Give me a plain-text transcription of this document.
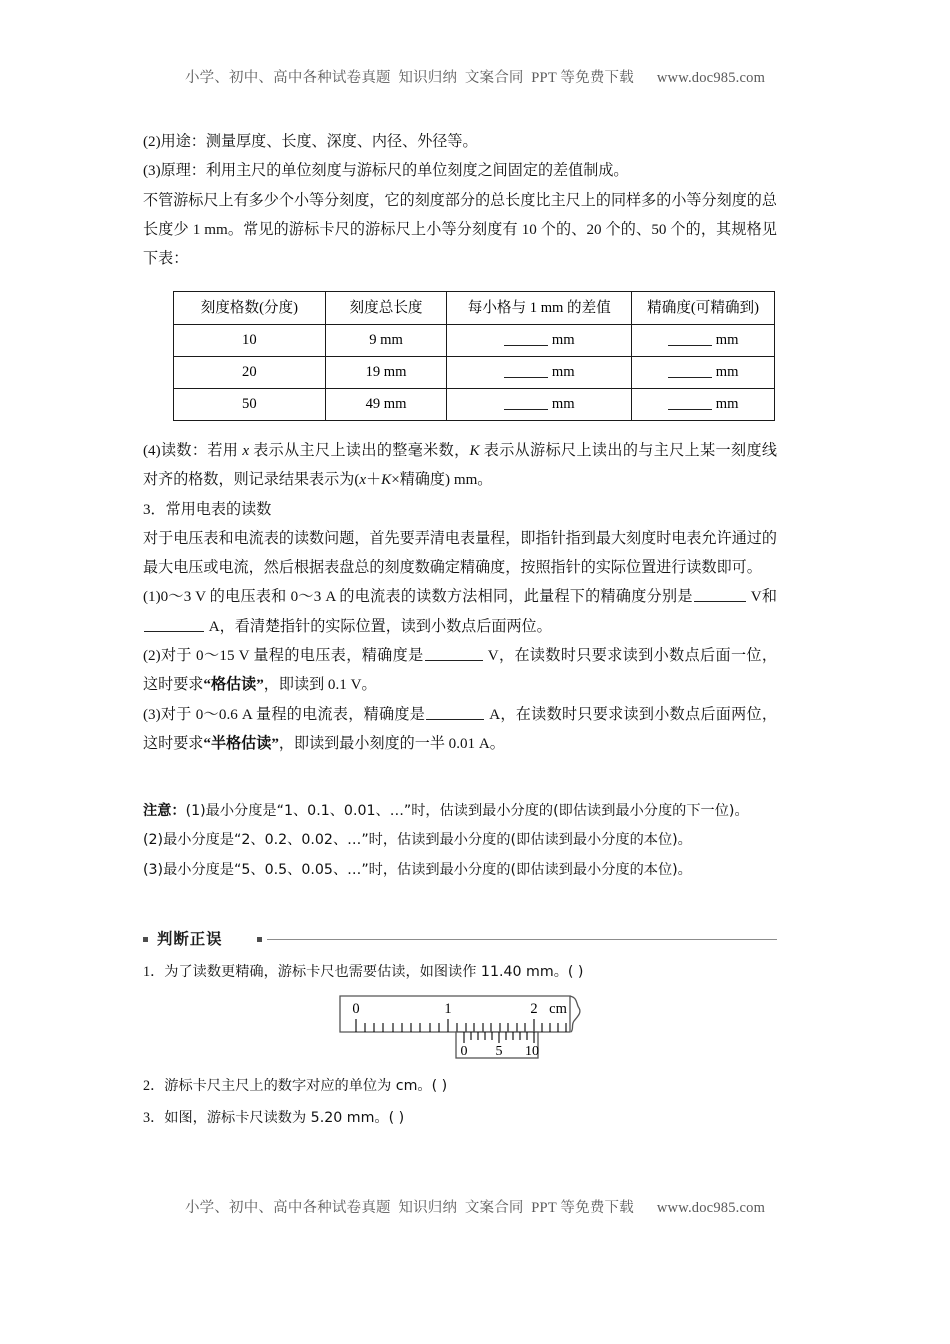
小学、初中、高中各种试卷真题  知识归纳  文案合同  PPT 等免费下载      www.doc985.com

(2)用途：测量厚度、长度、深度、内径、外径等。

(3)原理：利用主尺的单位刻度与游标尺的单位刻度之间固定的差值制成。

不管游标尺上有多少个小等分刻度，它的刻度部分的总长度比主尺上的同样多的小等分刻度的总长度少 1 mm。常见的游标卡尺的游标尺上小等分刻度有 10 个的、20 个的、50 个的，其规格见下表：

刻度格数(分度)	刻度总长度	每小格与 1 mm 的差值	精确度(可精确到)
10	9 mm	mm	mm
20	19 mm	mm	mm
50	49 mm	mm	mm

(4)读数：若用 x 表示从主尺上读出的整毫米数，K 表示从游标尺上读出的与主尺上某一刻度线对齐的格数，则记录结果表示为(x＋K×精确度) mm。

3．常用电表的读数

对于电压表和电流表的读数问题，首先要弄清电表量程，即指针指到最大刻度时电表允许通过的最大电压或电流，然后根据表盘总的刻度数确定精确度，按照指针的实际位置进行读数即可。

(1)0～3 V 的电压表和 0～3 A 的电流表的读数方法相同，此量程下的精确度分别是	V和 A，看清楚指针的实际位置，读到小数点后面两位。

(2)对于 0～15 V 量程的电压表，精确度是	V，在读数时只要求读到小数点后面一位，这时要求“格估读”，即读到 0.1 V。

(3)对于 0～0.6 A 量程的电流表，精确度是	A，在读数时只要求读到小数点后面两位，这时要求“半格估读”，即读到最小刻度的一半 0.01 A。

注意：(1)最小分度是“1、0.1、0.01、…”时，估读到最小分度的(即估读到最小分度的下一位)。

(2)最小分度是“2、0.2、0.02、…”时，估读到最小分度的(即估读到最小分度的本位)。

(3)最小分度是“5、0.5、0.05、…”时，估读到最小分度的(即估读到最小分度的本位)。

判断正误

1．为了读数更精确，游标卡尺也需要估读，如图读作 11.40 mm。( )

0	1	2 cm
0 5 10

2．游标卡尺主尺上的数字对应的单位为 cm。( )

3．如图，游标卡尺读数为 5.20 mm。( )

小学、初中、高中各种试卷真题  知识归纳  文案合同  PPT 等免费下载      www.doc985.com
